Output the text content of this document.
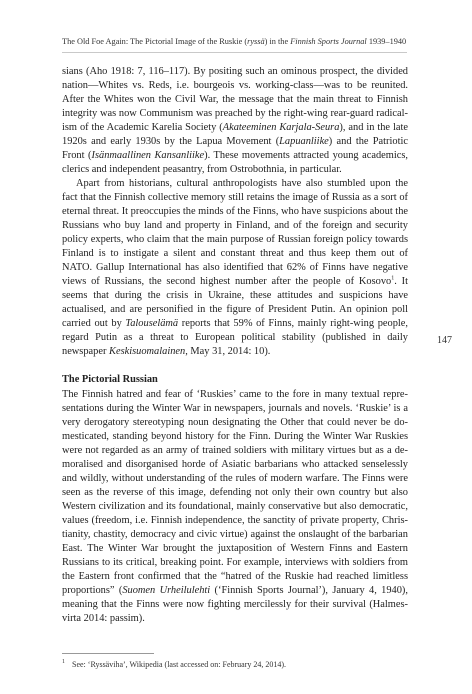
The Old Foe Again: The Pictorial Image of the Ruskie (ryssä) in the Finnish Sports Journal 1939–1940

sians (Aho 1918: 7, 116–117). By positing such an ominous prospect, the divided nation—Whites vs. Reds, i.e. bourgeois vs. working-class—was to be reunited. After the Whites won the Civil War, the message that the main threat to Finnish integrity was now Communism was preached by the right-wing rear-guard radicalism of the Academic Karelia Society (Akateeminen Karjala-Seura), and in the late 1920s and early 1930s by the Lapua Movement (Lapuanliike) and the Patriotic Front (Isänmaallinen Kansanliike). These movements attracted young academics, clerics and independent peasantry, from Ostrobothnia, in particular.

Apart from historians, cultural anthropologists have also stumbled upon the fact that the Finnish collective memory still retains the image of Russia as a sort of eternal threat. It preoccupies the minds of the Finns, who have suspicions about the Russians who buy land and property in Finland, and of the foreign and security policy experts, who claim that the main purpose of Russian foreign policy towards Finland is to instigate a silent and constant threat and thus keep them out of NATO. Gallup International has also identified that 62% of Finns have negative views of Russians, the second highest number after the people of Kosovo$^1$. It seems that during the crisis in Ukraine, these attitudes and suspicions have actualised, and are personified in the figure of President Putin. An opinion poll carried out by Talouselämä reports that 59% of Finns, mainly right-wing people, regard Putin as a threat to European political stability (published in daily newspaper Keskisuomalainen, May 31, 2014: 10).

The Pictorial Russian

The Finnish hatred and fear of ‘Ruskies’ came to the fore in many textual representations during the Winter War in newspapers, journals and novels. ‘Ruskie’ is a very derogatory stereotyping noun designating the Other that could never be domesticated, standing beyond history for the Finn. During the Winter War Ruskies were not regarded as an army of trained soldiers with military virtues but as a demoralised and disorganised horde of Asiatic barbarians who attacked senselessly and wildly, without understanding of the rules of modern warfare. The Finns were seen as the reverse of this image, defending not only their own country but also Western civilization and its foundational, mainly conservative but also democratic, values (freedom, i.e. Finnish independence, the sanctity of private property, Christianity, chastity, democracy and civic virtue) against the onslaught of the barbarian East. The Winter War brought the juxtaposition of Western Finns and Eastern Russians to its critical, breaking point. For example, interviews with soldiers from the Eastern front confirmed that the “hatred of the Ruskie had reached limitless proportions” (Suomen Urheilulehti (‘Finnish Sports Journal’), January 4, 1940), meaning that the Finns were now fighting mercilessly for their survival (Halmesvirta 2014: passim).

147
1 See: ‘Ryssäviha’, Wikipedia (last accessed on: February 24, 2014).
